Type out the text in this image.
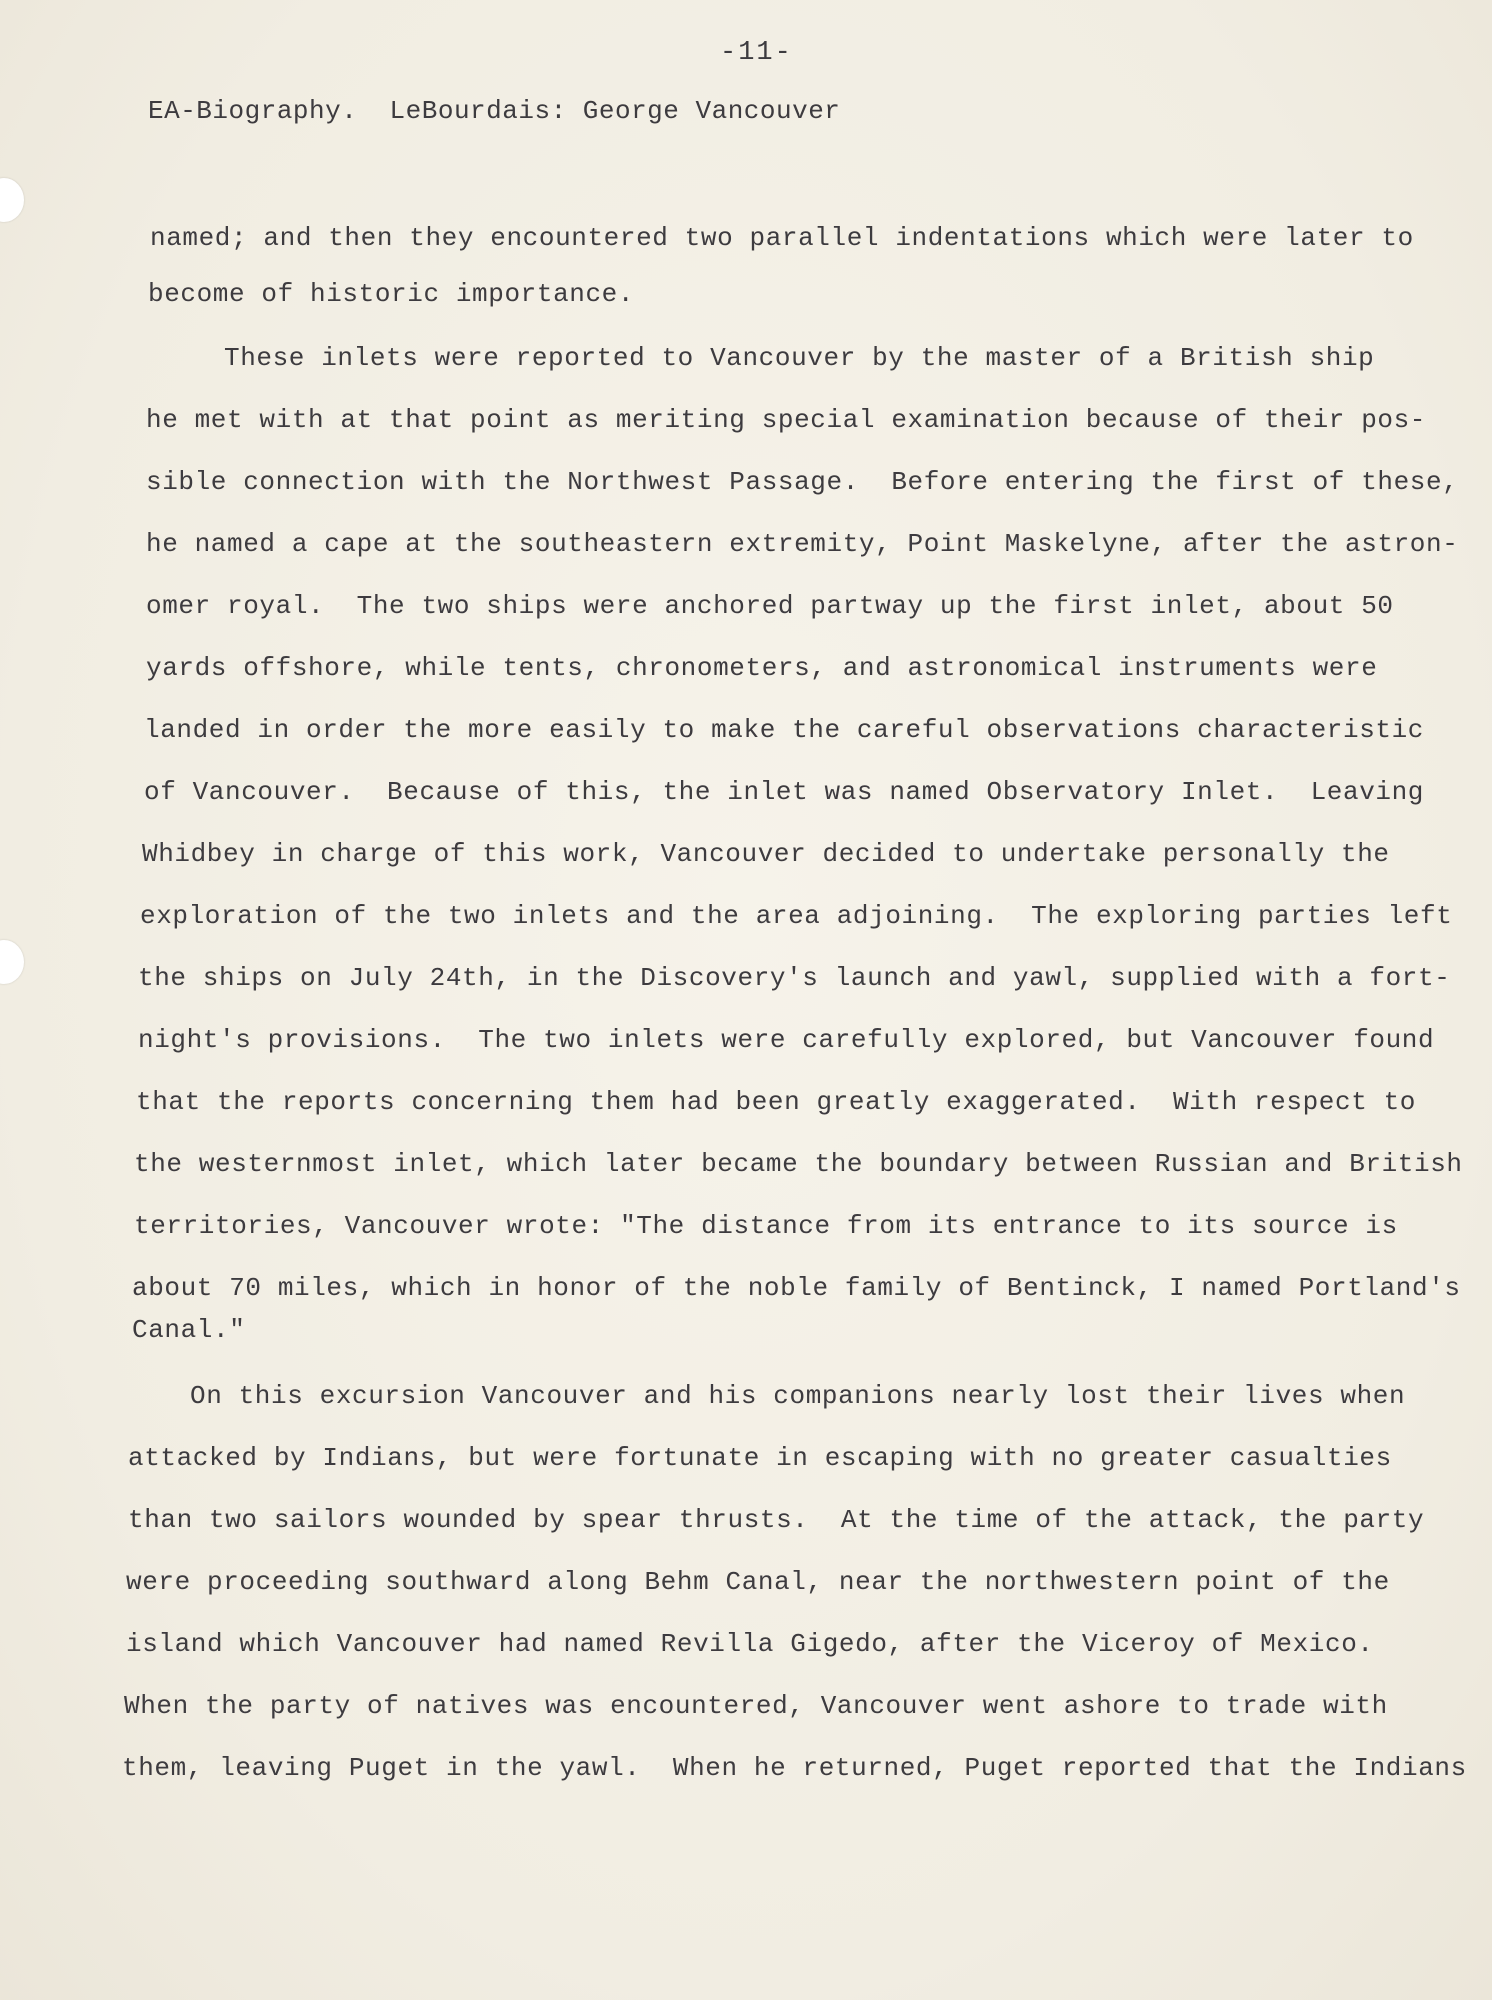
-11-
EA-Biography.  LeBourdais: George Vancouver
named; and then they encountered two parallel indentations which were later to
become of historic importance.
These inlets were reported to Vancouver by the master of a British ship
he met with at that point as meriting special examination because of their pos-
sible connection with the Northwest Passage.  Before entering the first of these,
he named a cape at the southeastern extremity, Point Maskelyne, after the astron-
omer royal.  The two ships were anchored partway up the first inlet, about 50
yards offshore, while tents, chronometers, and astronomical instruments were
landed in order the more easily to make the careful observations characteristic
of Vancouver.  Because of this, the inlet was named Observatory Inlet.  Leaving
Whidbey in charge of this work, Vancouver decided to undertake personally the
exploration of the two inlets and the area adjoining.  The exploring parties left
the ships on July 24th, in the Discovery's launch and yawl, supplied with a fort-
night's provisions.  The two inlets were carefully explored, but Vancouver found
that the reports concerning them had been greatly exaggerated.  With respect to
the westernmost inlet, which later became the boundary between Russian and British
territories, Vancouver wrote: "The distance from its entrance to its source is
about 70 miles, which in honor of the noble family of Bentinck, I named Portland's
Canal."
On this excursion Vancouver and his companions nearly lost their lives when
attacked by Indians, but were fortunate in escaping with no greater casualties
than two sailors wounded by spear thrusts.  At the time of the attack, the party
were proceeding southward along Behm Canal, near the northwestern point of the
island which Vancouver had named Revilla Gigedo, after the Viceroy of Mexico.
When the party of natives was encountered, Vancouver went ashore to trade with
them, leaving Puget in the yawl.  When he returned, Puget reported that the Indians
